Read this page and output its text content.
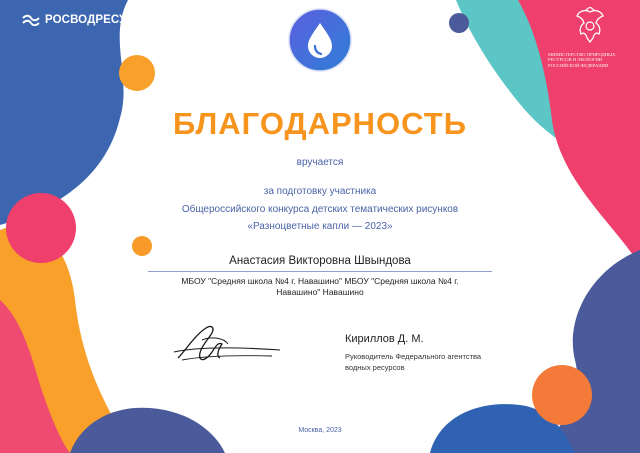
РОСВОДРЕСУРСЫ
МИНИСТЕРСТВО ПРИРОДНЫХ РЕСУРСОВ И ЭКОЛОГИИ РОССИЙСКОЙ ФЕДЕРАЦИИ
БЛАГОДАРНОСТЬ
вручается
за подготовку участника
Общероссийского конкурса детских тематических рисунков
«Разноцветные капли — 2023»
Анастасия Викторовна Швындова
МБОУ "Средняя школа №4 г. Навашино" МБОУ "Средняя школа №4 г. Навашино" Навашино
Кириллов Д. М.
Руководитель Федерального агентства водных ресурсов
Москва, 2023
